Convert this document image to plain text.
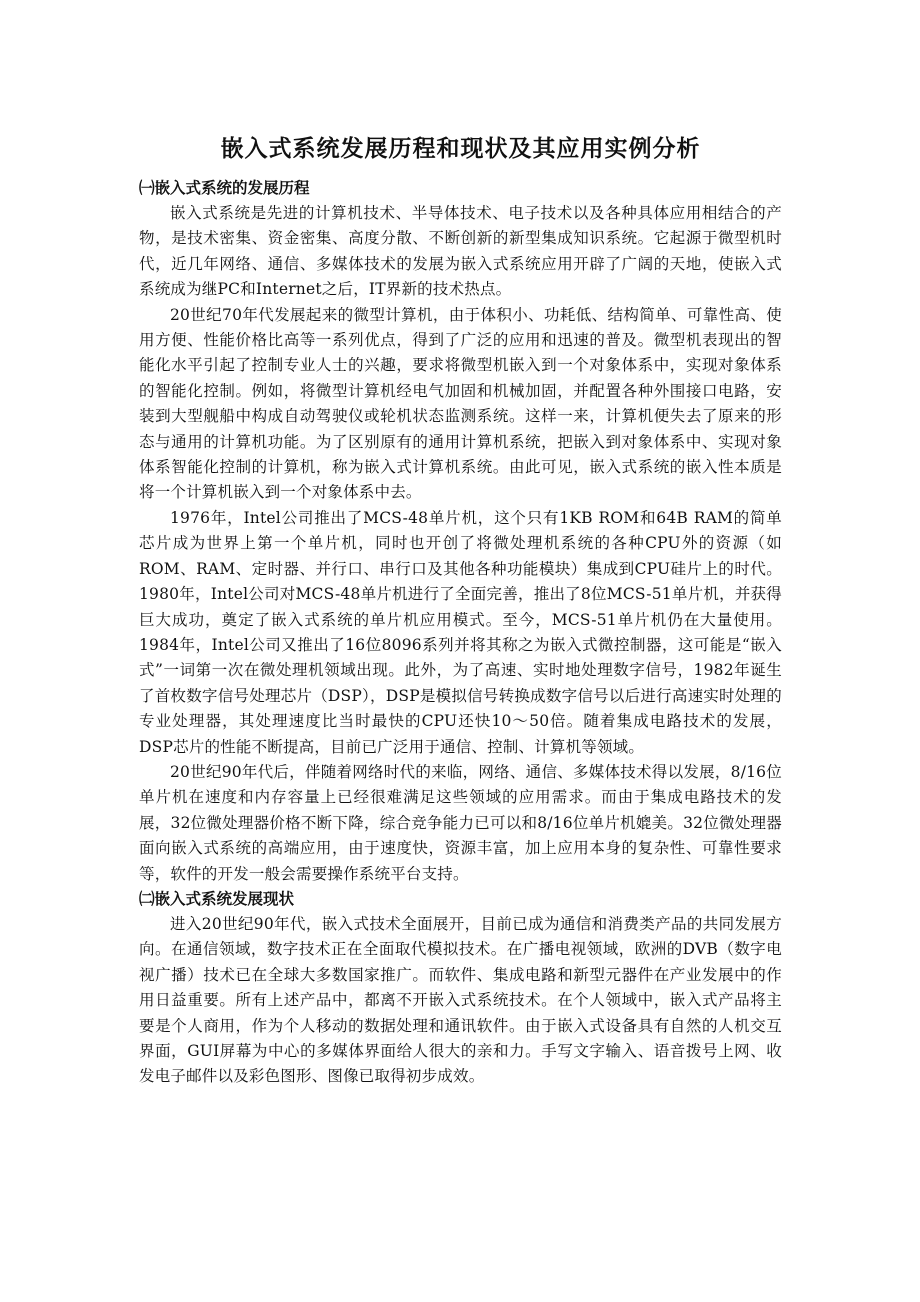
嵌入式系统发展历程和现状及其应用实例分析

㈠嵌入式系统的发展历程

嵌入式系统是先进的计算机技术、半导体技术、电子技术以及各种具体应用相结合的产物，是技术密集、资金密集、高度分散、不断创新的新型集成知识系统。它起源于微型机时代，近几年网络、通信、多媒体技术的发展为嵌入式系统应用开辟了广阔的天地，使嵌入式系统成为继PC和Internet之后，IT界新的技术热点。

20世纪70年代发展起来的微型计算机，由于体积小、功耗低、结构简单、可靠性高、使用方便、性能价格比高等一系列优点，得到了广泛的应用和迅速的普及。微型机表现出的智能化水平引起了控制专业人士的兴趣，要求将微型机嵌入到一个对象体系中，实现对象体系的智能化控制。例如，将微型计算机经电气加固和机械加固，并配置各种外围接口电路，安装到大型舰船中构成自动驾驶仪或轮机状态监测系统。这样一来，计算机便失去了原来的形态与通用的计算机功能。为了区别原有的通用计算机系统，把嵌入到对象体系中、实现对象体系智能化控制的计算机，称为嵌入式计算机系统。由此可见，嵌入式系统的嵌入性本质是将一个计算机嵌入到一个对象体系中去。

1976年，Intel公司推出了MCS-48单片机，这个只有1KB ROM和64B RAM的简单芯片成为世界上第一个单片机，同时也开创了将微处理机系统的各种CPU外的资源（如ROM、RAM、定时器、并行口、串行口及其他各种功能模块）集成到CPU硅片上的时代。1980年，Intel公司对MCS-48单片机进行了全面完善，推出了8位MCS-51单片机，并获得巨大成功，奠定了嵌入式系统的单片机应用模式。至今，MCS-51单片机仍在大量使用。1984年，Intel公司又推出了16位8096系列并将其称之为嵌入式微控制器，这可能是“嵌入式”一词第一次在微处理机领域出现。此外，为了高速、实时地处理数字信号，1982年诞生了首枚数字信号处理芯片（DSP），DSP是模拟信号转换成数字信号以后进行高速实时处理的专业处理器，其处理速度比当时最快的CPU还快10～50倍。随着集成电路技术的发展，DSP芯片的性能不断提高，目前已广泛用于通信、控制、计算机等领域。

20世纪90年代后，伴随着网络时代的来临，网络、通信、多媒体技术得以发展，8/16位单片机在速度和内存容量上已经很难满足这些领域的应用需求。而由于集成电路技术的发展，32位微处理器价格不断下降，综合竞争能力已可以和8/16位单片机媲美。32位微处理器面向嵌入式系统的高端应用，由于速度快，资源丰富，加上应用本身的复杂性、可靠性要求等，软件的开发一般会需要操作系统平台支持。

㈡嵌入式系统发展现状

进入20世纪90年代，嵌入式技术全面展开，目前已成为通信和消费类产品的共同发展方向。在通信领域，数字技术正在全面取代模拟技术。在广播电视领域，欧洲的DVB（数字电视广播）技术已在全球大多数国家推广。而软件、集成电路和新型元器件在产业发展中的作用日益重要。所有上述产品中，都离不开嵌入式系统技术。在个人领域中，嵌入式产品将主要是个人商用，作为个人移动的数据处理和通讯软件。由于嵌入式设备具有自然的人机交互界面，GUI屏幕为中心的多媒体界面给人很大的亲和力。手写文字输入、语音拨号上网、收发电子邮件以及彩色图形、图像已取得初步成效。
